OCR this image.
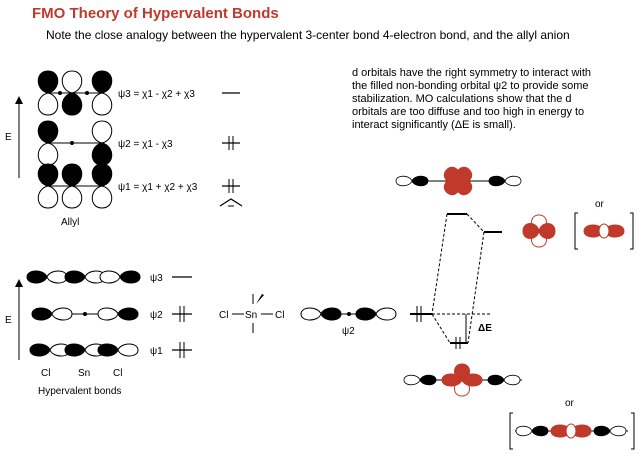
FMO Theory of Hypervalent Bonds
Note the close analogy between the hypervalent 3-center bond 4-electron bond, and the allyl anion
d orbitals have the right symmetry to interact with
the filled non-bonding orbital ψ2 to provide some
stabilization. MO calculations show that the d
orbitals are too diffuse and too high in energy to
interact significantly (ΔE is small).
E
ψ3 = χ1 - χ2 + χ3
ψ2 = χ1 - χ3
ψ1 = χ1 + χ2 + χ3
Allyl
E
ψ3
ψ2
ψ1
Cl	Sn Cl
Hypervalent bonds
Cl Sn Cl
ψ2	ΔE
or
or
